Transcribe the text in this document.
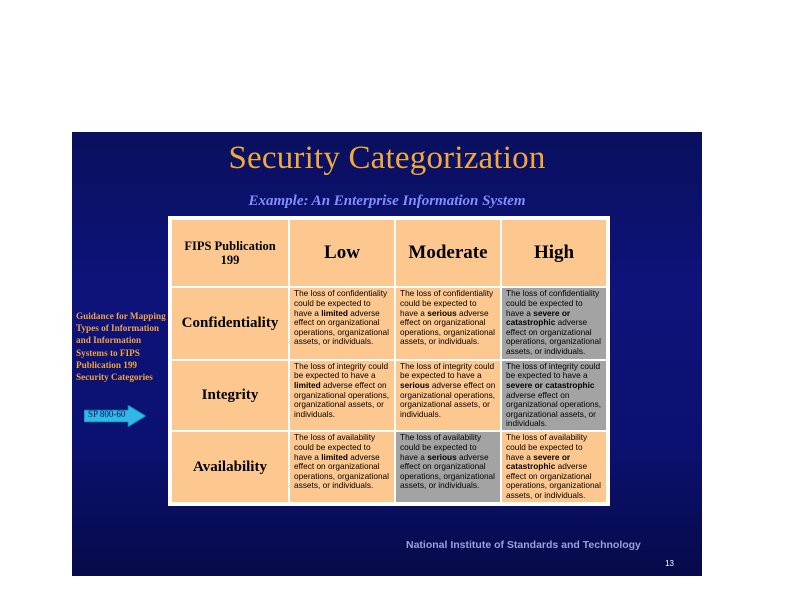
Security Categorization
Example: An Enterprise Information System
Guidance for Mapping Types of Information and Information Systems to FIPS Publication 199 Security Categories
SP 800-60
FIPS Publication
199	Low	Moderate	High
Confidentiality	The loss of confidentiality could be expected to have a limited adverse effect on organizational operations, organizational assets, or individuals.	The loss of confidentiality could be expected to have a serious adverse effect on organizational operations, organizational assets, or individuals.	The loss of confidentiality could be expected to have a severe or catastrophic adverse effect on organizational operations, organizational assets, or individuals.
Integrity	The loss of integrity could be expected to have a limited adverse effect on organizational operations, organizational assets, or individuals.	The loss of integrity could be expected to have a serious adverse effect on organizational operations, organizational assets, or individuals.	The loss of integrity could be expected to have a severe or catastrophic adverse effect on organizational operations, organizational assets, or individuals.
Availability	The loss of availability could be expected to have a limited adverse effect on organizational operations, organizational assets, or individuals.	The loss of availability could be expected to have a serious adverse effect on organizational operations, organizational assets, or individuals.	The loss of availability could be expected to have a severe or catastrophic adverse effect on organizational operations, organizational assets, or individuals.
National Institute of Standards and Technology
13
